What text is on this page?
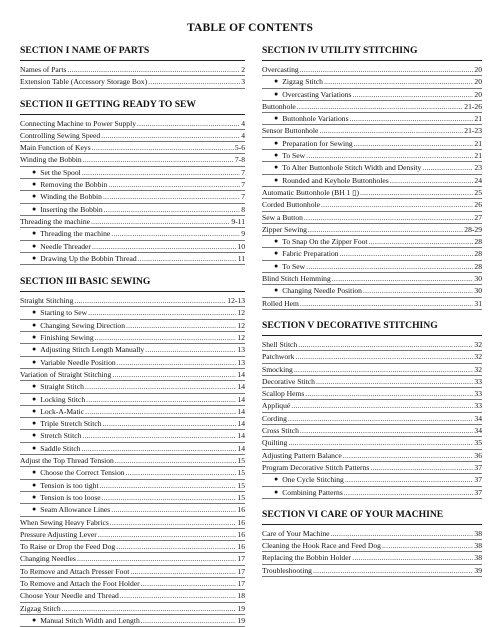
TABLE OF CONTENTS
SECTION I NAME OF PARTS
Names of Parts .....	2
Extension Table (Accessory Storage Box) .....	3
SECTION II GETTING READY TO SEW
Connecting Machine to Power Supply .....	4
Controlling Sewing Speed .....	4
Main Function of Keys .....	5-6
Winding the Bobbin .....	7-8
● Set the Spool .....	7
● Removing the Bobbin .....	7
● Winding the Bobbin .....	7
● Inserting the Bobbin .....	8
Threading the machine .....	9-11
● Threading the machine .....	9
● Needle Threader .....	10
● Drawing Up the Bobbin Thread .....	11
SECTION III BASIC SEWING
Straight Stitching .....	12-13
● Starting to Sew .....	12
● Changing Sewing Direction .....	12
● Finishing Sewing .....	12
● Adjusting Stitch Length Manually .....	13
● Variable Needle Position .....	13
Variation of Straight Stitching .....	14
● Straight Stitch .....	14
● Locking Stitch .....	14
● Lock-A-Matic .....	14
● Triple Stretch Stitch .....	14
● Stretch Stitch .....	14
● Saddle Stitch .....	14
Adjust the Top Thread Tension .....	15
● Choose the Correct Tension .....	15
● Tension is too tight .....	15
● Tension is too loose .....	15
● Seam Allowance Lines .....	16
When Sewing Heavy Fabrics .....	16
Pressure Adjusting Lever .....	16
To Raise or Drop the Feed Dog .....	16
Changing Needles .....	17
To Remove and Attach Presser Foot .....	17
To Remove and Attach the Foot Holder .....	17
Choose Your Needle and Thread .....	18
Zigzag Stitch .....	19
● Manual Stitch Width and Length .....	19
SECTION IV UTILITY STITCHING
Overcasting .....	20
● Zigzag Stitch .....	20
● Overcasting Variations .....	20
Buttonhole .....	21-26
● Buttonhole Variations .....	21
Sensor Buttonhole .....	21-23
● Preparation for Sewing .....	21
● To Sew .....	21
● To Alter Buttonhole Stitch Width and Density .....	23
● Rounded and Keyhole Buttonholes .....	24
Automatic Buttonhole (BH 1 ▯) .....	25
Corded Buttonhole .....	26
Sew a Button .....	27
Zipper Sewing .....	28-29
● To Snap On the Zipper Foot .....	28
● Fabric Preparation .....	28
● To Sew .....	28
Blind Stitch Hemming .....	30
● Changing Needle Position .....	30
Rolled Hem .....	31
SECTION V DECORATIVE STITCHING
Shell Stitch .....	32
Patchwork .....	32
Smocking .....	32
Decorative Stitch .....	33
Scallop Hems .....	33
Appliqué .....	33
Cording .....	34
Cross Stitch .....	34
Quilting .....	35
Adjusting Pattern Balance .....	36
Program Decorative Stitch Patterns .....	37
● One Cycle Stitching .....	37
● Combining Patterns .....	37
SECTION VI CARE OF YOUR MACHINE
Care of Your Machine .....	38
Cleaning the Hook Race and Feed Dog .....	38
Replacing the Bobbin Holder .....	38
Troubleshooting .....	39
